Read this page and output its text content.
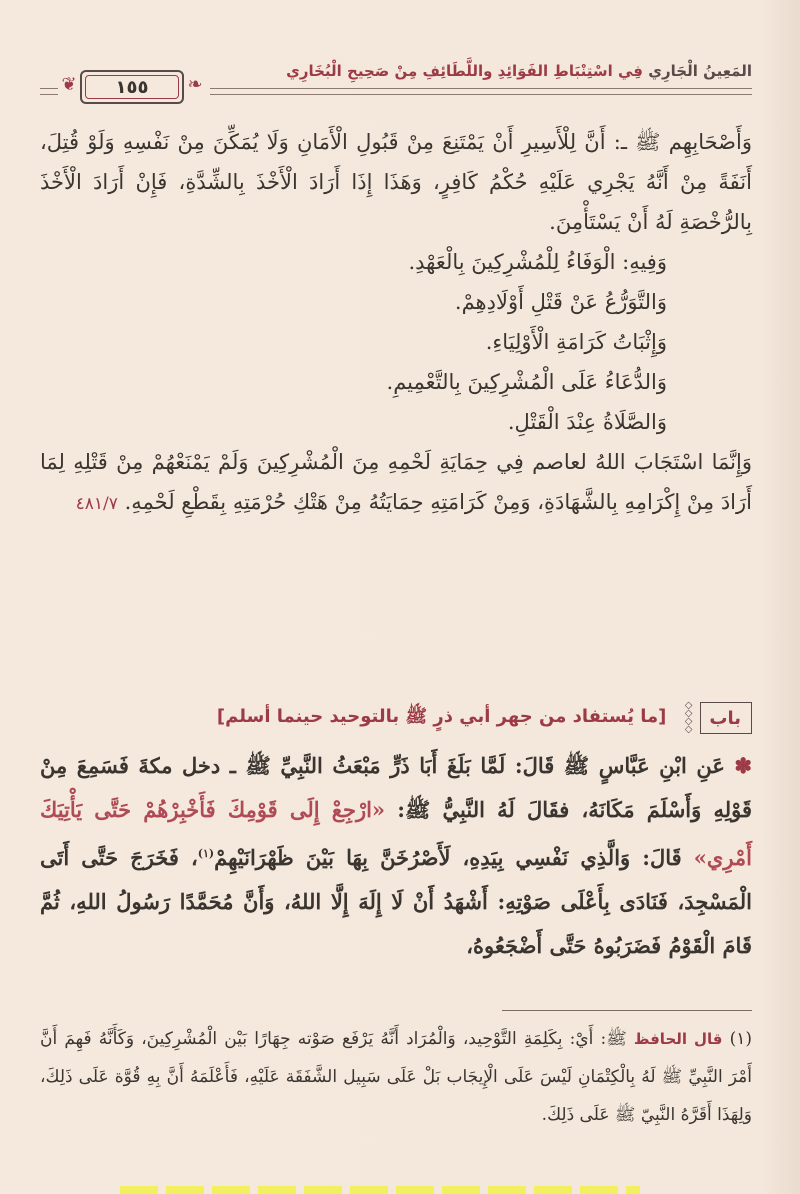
المَعِينُ الْجَارِي فِي اسْتِنْبَاطِ الفَوَائِدِ واللَّطَائِفِ مِنْ صَحِيحِ الْبُخَارِي
❦ ١٥٥ ❧

وَأَصْحَابِهِم ﷺ ـ: أَنَّ لِلْأَسِيرِ أَنْ يَمْتَنِعَ مِنْ قَبُولِ الْأَمَانِ وَلَا يُمَكِّنَ مِنْ نَفْسِهِ وَلَوْ قُتِلَ، أَنَفَةً مِنْ أَنَّهُ يَجْرِي عَلَيْهِ حُكْمُ كَافِرٍ، وَهَذَا إِذَا أَرَادَ الْأَخْذَ بِالشِّدَّةِ، فَإِنْ أَرَادَ الْأَخْذَ بِالرُّخْصَةِ لَهُ أَنْ يَسْتَأْمِنَ.

وَفِيهِ: الْوَفَاءُ لِلْمُشْرِكِينَ بِالْعَهْدِ.

وَالتَّوَرُّعُ عَنْ قَتْلِ أَوْلَادِهِمْ.

وَإِثْبَاتُ كَرَامَةِ الْأَوْلِيَاءِ.

وَالدُّعَاءُ عَلَى الْمُشْرِكِينَ بِالتَّعْمِيمِ.

وَالصَّلَاةُ عِنْدَ الْقَتْلِ.

وَإِنَّمَا اسْتَجَابَ اللهُ لعاصم فِي حِمَايَةِ لَحْمِهِ مِنَ الْمُشْرِكِينَ وَلَمْ يَمْنَعْهُمْ مِنْ قَتْلِهِ لِمَا أَرَادَ مِنْ إِكْرَامِهِ بِالشَّهَادَةِ، وَمِنْ كَرَامَتِهِ حِمَايَتُهُ مِنْ هَتْكِ حُرْمَتِهِ بِقَطْعِ لَحْمِهِ. ٤٨١/٧

باب
◇
◇
◇
◇
[ما يُستفاد من جهر أبي ذرٍ ﷺ بالتوحيد حينما أسلم]

✽ عَنِ ابْنِ عَبَّاسٍ ﷺ قَالَ: لَمَّا بَلَغَ أَبَا ذَرٍّ مَبْعَثُ النَّبِيِّ ﷺ ـ دخل مكةَ فَسَمِعَ مِنْ قَوْلِهِ وَأَسْلَمَ مَكَانَهُ، فقَالَ لَهُ النَّبِيُّ ﷺ: «ارْجِعْ إِلَى قَوْمِكَ فَأَخْبِرْهُمْ حَتَّى يَأْتِيَكَ أَمْرِي» قَالَ: وَالَّذِي نَفْسِي بِيَدِهِ، لَأَصْرُخَنَّ بِهَا بَيْنَ ظَهْرَانَيْهِمْ$^{(١)}$، فَخَرَجَ حَتَّى أَتَى الْمَسْجِدَ، فَنَادَى بِأَعْلَى صَوْتِهِ: أَشْهَدُ أَنْ لَا إِلَهَ إِلَّا اللهُ، وَأَنَّ مُحَمَّدًا رَسُولُ اللهِ، ثُمَّ قَامَ الْقَوْمُ فَضَرَبُوهُ حَتَّى أَضْجَعُوهُ،

(١) قال الحافظ ﷺ: أَيْ: بِكَلِمَةِ التَّوْحِيد، وَالْمُرَاد أَنَّهُ يَرْفَع صَوْته جِهَارًا بَيْن الْمُشْرِكِينَ، وَكَأَنَّهُ فَهِمَ أَنَّ أَمْرَ النَّبِيِّ ﷺ لَهُ بِالْكِتْمَانِ لَيْسَ عَلَى الْإِيجَاب بَلْ عَلَى سَبِيل الشَّفَقَة عَلَيْهِ، فَأَعْلَمَهُ أَنَّ بِهِ قُوَّة عَلَى ذَلِكَ، وَلِهَذَا أَقَرَّهُ النَّبِيّ ﷺ عَلَى ذَلِكَ.
